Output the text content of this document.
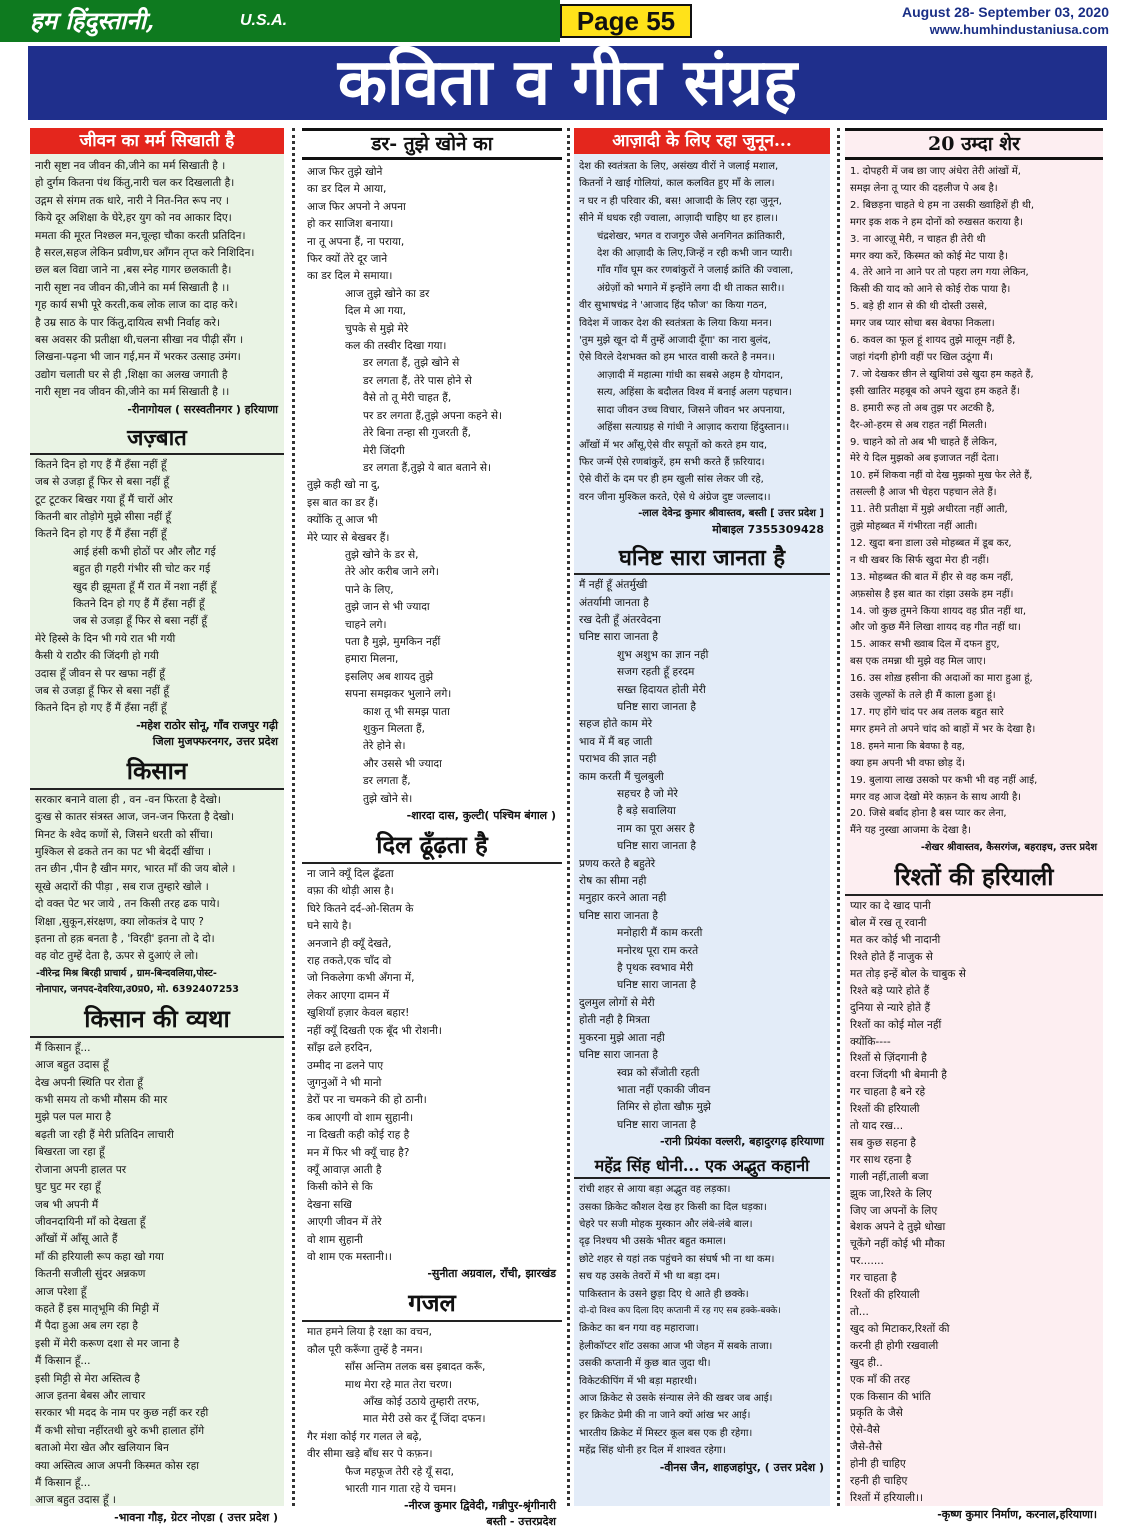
हम हिंदुस्तानी,	U.S.A.	Page 55	August 28- September 03, 2020
www.humhindustaniusa.com
कविता व गीत संग्रह
जीवन का मर्म सिखाती है
नारी सृष्टा नव जीवन की,जीने का मर्म सिखाती है ।
हो दुर्गम कितना पंथ किंतु,नारी चल कर दिखलाती है।
उद्गम से संगम तक धारे, नारी ने नित-नित रूप नए ।
किये दूर अशिक्षा के घेरे,हर युग को नव आकार दिए।
ममता की मूरत निश्छल मन,चूल्हा चौका करती प्रतिदिन।
है सरल,सहज लेकिन प्रवीण,घर आँगन तृप्त करे निशिदिन।
छल बल विद्या जाने ना ,बस स्नेह गागर छलकाती है।
नारी सृष्टा नव जीवन की,जीने का मर्म सिखाती है ।।
गृह कार्य सभी पूरे करती,कब लोक लाज का दाह करे।
है उम्र साठ के पार किंतु,दायित्व सभी निर्वाह करे।
बस अवसर की प्रतीक्षा थी,चलना सीखा नव पीढ़ी सँग ।
लिखना-पढ़ना भी जान गई,मन में भरकर उत्साह उमंग।
उद्योग चलाती घर से ही ,शिक्षा का अलख जगाती है
नारी सृष्टा नव जीवन की,जीने का मर्म सिखाती है ।।
-रीनागोयल ( सरस्वतीनगर ) हरियाणा
जज़्बात
कितने दिन हो गए हैं मैं हँसा नहीं हूँ
जब से उजड़ा हूँ फिर से बसा नहीं हूँ
टूट टूटकर बिखर गया हूँ मैं चारों ओर
कितनी बार तोड़ोगे मुझे सीसा नहीं हूँ
कितने दिन हो गए हैं मैं हँसा नहीं हूँ
आई हंसी कभी होठों पर और लौट गई
बहुत ही गहरी गंभीर सी चोट कर गई
खुद ही झूमता हूँ मैं रात में नशा नहीं हूँ
कितने दिन हो गए हैं मैं हँसा नहीं हूँ
जब से उजड़ा हूँ फिर से बसा नहीं हूँ
मेरे हिस्से के दिन भी गये रात भी गयी
कैसी ये राठौर की जिंदगी हो गयी
उदास हूँ जीवन से पर खफा नहीं हूँ
जब से उजड़ा हूँ फिर से बसा नहीं हूँ
कितने दिन हो गए हैं मैं हँसा नहीं हूँ
-महेश राठोर सोनू, गाँव राजपुर गढ़ी
जिला मुजफ्फरनगर, उत्तर प्रदेश
किसान
सरकार बनाने वाला ही , वन -वन फिरता है देखो।
दुःख से कातर संत्रस्त आज, जन-जन फिरता है देखो।
मिनट के श्वेद कणों से, जिसने धरती को सींचा।
मुश्किल से ढकते तन का पट भी बेदर्दी खींचा ।
तन छीन ,पीन है खीन मगर, भारत माँ की जय बोले ।
सूखे अदारों की पीड़ा , सब राज तुम्हारे खोले ।
दो वक्त पेट भर जाये , तन किसी तरह ढक पाये।
शिक्षा ,सुकून,संरक्षण, क्या लोकतंत्र दे पाए ?
इतना तो हक़ बनता है , 'विरही' इतना तो दे दो।
वह वोट तुम्हें देता है, ऊपर से दुआएं ले लो।
-वीरेन्द्र मिश्र बिरही प्राचार्य , ग्राम-बिन्दवलिया,पोस्ट-
नोनापार, जनपद-देवरिया,उ0प्र0, मो. 6392407253
किसान की व्यथा
मैं किसान हूँ...
आज बहुत उदास हूँ
देख अपनी स्थिति पर रोता हूँ
कभी समय तो कभी मौसम की मार
मुझे पल पल मारा है
बढ़ती जा रही हैं मेरी प्रतिदिन लाचारी
बिखरता जा रहा हूँ
रोजाना अपनी हालत पर
घुट घुट मर रहा हूँ
जब भी अपनी मैं
जीवनदायिनी माँ को देखता हूँ
आँखों में आँसू आते हैं
माँ की हरियाली रूप कहा खो गया
कितनी सजीली सुंदर अन्नकण
आज परेशा हूँ
कहते हैं इस मातृभूमि की मिट्टी में
मैं पैदा हुआ अब लग रहा है
इसी में मेरी करूण दशा से मर जाना है
मैं किसान हूँ...
इसी मिट्टी से मेरा अस्तित्व है
आज इतना बेबस और लाचार
सरकार भी मदद के नाम पर कुछ नहीं कर रही
मैं कभी सोचा नहींरतथी बुरे कभी हालात होंगे
बताओ मेरा खेत और खलियान बिन
क्या अस्तित्व आज अपनी किस्मत कोस रहा
मैं किसान हूँ...
आज बहुत उदास हूँ ।
-भावना गौड़, ग्रेटर नोएडा ( उत्तर प्रदेश )
डर- तुझे खोने का
आज फिर तुझे खोने
का डर दिल मे आया,
आज फिर अपनो ने अपना
हो कर साजिश बनाया।
ना तू अपना हैं, ना पराया,
फिर क्यों तेरे दूर जाने
का डर दिल मे समाया।
आज तुझे खोने का डर
दिल मे आ गया,
चुपके से मुझे मेरे
कल की तस्वीर दिखा गया।
डर लगता हैं, तुझे खोने से
डर लगता हैं, तेरे पास होने से
वैसे तो तू मेरी चाहत हैं,
पर डर लगता हैं,तुझे अपना कहने से।
तेरे बिना तन्हा सी गुजरती हैं,
मेरी जिंदगी
डर लगता हैं,तुझे ये बात बताने से।
तुझे कही खो ना दु,
इस बात का डर हैं।
क्योंकि तू आज भी
मेरे प्यार से बेखबर हैं।
तुझे खोने के डर से,
तेरे ओर करीब जाने लगे।
पाने के लिए,
तुझे जान से भी ज्यादा
चाहने लगे।
पता है मुझे, मुमकिन नहीं
हमारा मिलना,
इसलिए अब शायद तुझे
सपना समझकर भुलाने लगे।
काश तू भी समझ पाता
शुकुन मिलता हैं,
तेरे होने से।
और उससे भी ज्यादा
डर लगता हैं,
तुझे खोने से।
-शारदा दास, कुल्टी( पश्चिम बंगाल )
दिल ढूँढ़ता है
ना जाने क्यूँ दिल ढूँढता
वफ़ा की थोड़ी आस है।
घिरे कितने दर्द-ओ-सितम के
घने साये है।
अनजाने ही क्यूँ देखते,
राह तकते,एक चाँद वो
जो निकलेगा कभी अँगना में,
लेकर आएगा दामन में
खुशियाँ हज़ार केवल बहार!
नहीं क्यूँ दिखती एक बूँद भी रोशनी।
साँझ ढले हरदिन,
उम्मीद ना ढलने पाए
जुगनुओं ने भी मानो
डेरों पर ना चमकने की हो ठानी।
कब आएगी वो शाम सुहानी।
ना दिखती कही कोई राह है
मन में फिर भी क्यूँ चाह है?
क्यूँ आवाज़ आती है
किसी कोने से कि
देखना सखि
आएगी जीवन में तेरे
वो शाम सुहानी
वो शाम एक मस्तानी।।
-सुनीता अग्रवाल, राँची, झारखंड
गजल
मात हमने लिया है रक्षा का वचन,
कौल पूरी करूँगा तुम्हें है नमन।
साँस अन्तिम तलक बस इबादत करूँ,
माथ मेरा रहे मात तेरा चरण।
आँख कोई उठाये तुम्हारी तरफ,
मात मेरी उसे कर दूँ जिंदा दफन।
गैर मंशा कोई गर गलत ले बढ़े,
वीर सीमा खड़े बाँध सर पे कफ़न।
फैज महफूज तेरी रहे यूँ सदा,
भारती गान गाता रहे ये चमन।
-नीरज कुमार द्विवेदी, गन्नीपुर-श्रृंगीनारी
बस्ती - उत्तरप्रदेश
आज़ादी के लिए रहा जुनून...
देश की स्वतंत्रता के लिए, असंख्य वीरों ने जलाई मशाल,
कितनों ने खाई गोलियां, काल कलवित हुए माँ के लाल।
न घर न ही परिवार की, बस! आजादी के लिए रहा जुनून,
सीने में धधक रही ज्वाला, आज़ादी चाहिए था हर हाल।।
चंद्रशेखर, भगत व राजगुरु जैसे अनगिनत क्रांतिकारी,
देश की आज़ादी के लिए,जिन्हें न रही कभी जान प्यारी।
गाँव गाँव घूम कर रणबांकुरों ने जलाई क्रांति की ज्वाला,
अंग्रेज़ों को भगाने में इन्होंने लगा दी थी ताकत सारी।।
वीर सुभाषचंद्र ने 'आजाद हिंद फौज' का किया गठन,
विदेश में जाकर देश की स्वतंत्रता के लिया किया मनन।
'तुम मुझे खून दो मैं तुम्हें आजादी दूँगा' का नारा बुलंद,
ऐसे विरले देशभक्त को हम भारत वासी करते है नमन।।
आज़ादी में महात्मा गांधी का सबसे अहम है योगदान,
सत्य, अहिंसा के बदौलत विश्व में बनाई अलग पहचान।
सादा जीवन उच्च विचार, जिसने जीवन भर अपनाया,
अहिंसा सत्याग्रह से गांधी ने आज़ाद कराया हिंदुस्तान।।
आँखों में भर आँसू,ऐसे वीर सपूतों को करते हम याद,
फिर जन्में ऐसे रणबांकुरें, हम सभी करते हैं फ़रियाद।
ऐसे वीरों के दम पर ही हम खुली सांस लेकर जी रहे,
वरन जीना मुश्किल करते, ऐसे थे अंग्रेज दुष्ट जल्लाद।।
-लाल देवेन्द्र कुमार श्रीवास्तव, बस्ती [ उत्तर प्रदेश ]
मोबाइल 7355309428
घनिष्ट सारा जानता है
मैं नहीं हूँ अंतर्मुखी
अंतर्यामी जानता है
रख देती हूँ अंतरवेदना
घनिष्ट सारा जानता है
शुभ अशुभ का ज्ञान नही
सजग रहती हूँ हरदम
सख्त हिदायत होती मेरी
घनिष्ट सारा जानता है
सहज होते काम मेरे
भाव में मैं बह जाती
पराभव की ज्ञात नही
काम करती मैं चुलबुली
सहचर है जो मेरे
है बड़े सवालिया
नाम का पूरा असर है
घनिष्ट सारा जानता है
प्रणय करते है बहुतेरे
रोष का सीमा नही
मनुहार करने आता नही
घनिष्ट सारा जानता है
मनोहारी मैं काम करती
मनोरथ पूरा राम करते
है पृथक स्वभाव मेरी
घनिष्ट सारा जानता है
दुलमुल लोगों से मेरी
होती नही है मित्रता
मुकरना मुझे आता नही
घनिष्ट सारा जानता है
स्वप्न को सँजोती रहती
भाता नहीं एकाकी जीवन
तिमिर से होता खौफ़ मुझे
घनिष्ट सारा जानता है
-रानी प्रियंका वल्लरी, बहादुरगढ़ हरियाणा
महेंद्र सिंह धोनी... एक अद्भुत कहानी
रांची शहर से आया बड़ा अद्भुत वह लड़का।
उसका क्रिकेट कौशल देख हर किसी का दिल धड़का।
चेहरे पर सजी मोहक मुस्कान और लंबे-लंबे बाल।
दृढ़ निश्चय भी उसके भीतर बहुत कमाल।
छोटे शहर से यहां तक पहुंचने का संघर्ष भी ना था कम।
सच यह उसके तेवरों में भी था बड़ा दम।
पाकिस्तान के उसने छुड़ा दिए थे आते ही छक्के।
दो-दो विश्व कप दिला दिए कप्तानी में रह गए सब हक्के-बक्के।
क्रिकेट का बन गया वह महाराजा।
हेलीकॉप्टर शॉट उसका आज भी जेहन में सबके ताजा।
उसकी कप्तानी में कुछ बात जुदा थी।
विकेटकीपिंग में भी बड़ा महारथी।
आज क्रिकेट से उसके संन्यास लेने की खबर जब आई।
हर क्रिकेट प्रेमी की ना जाने क्यों आंख भर आई।
भारतीय क्रिकेट में मिस्टर कूल बस एक ही रहेगा।
महेंद्र सिंह धोनी हर दिल में शाश्वत रहेगा।
-वीनस जैन, शाहजहांपुर, ( उत्तर प्रदेश )
20 उम्दा शेर
1. दोपहरी में जब छा जाए अंधेरा तेरी आंखों में,
समझ लेना तू प्यार की दहलीज पे अब है।
2. बिछड़ना चाहते थे हम ना उसकी ख्वाहिशें ही थी,
मगर इक शक ने हम दोनों को रुखसत कराया है।
3. ना आरज़ू मेरी, न चाहत ही तेरी थी
मगर क्या करें, किस्मत को कोई मेट पाया है।
4. तेरे आने ना आने पर तो पहरा लग गया लेकिन,
किसी की याद को आने से कोई रोक पाया है।
5. बड़े ही शान से की थी दोस्ती उससे,
मगर जब प्यार सोचा बस बेवफा निकला।
6. कवल का फूल हूं शायद तुझे मालूम नहीं है,
जहां गंदगी होगी वहीं पर खिल उठूंगा मैं।
7. जो देखकर छीन ले खुशियां उसे खुदा हम कहते हैं,
इसी खातिर महबूब को अपने खुदा हम कहते हैं।
8. हमारी रूह तो अब तुझ पर अटकी है,
दैर-ओ-हरम से अब राहत नहीं मिलती।
9. चाहने को तो अब भी चाहते हैं लेकिन,
मेरे ये दिल मुझको अब इजाजत नहीं देता।
10. हमें शिकवा नहीं वो देख मुझको मुख फेर लेते हैं,
तसल्ली है आज भी चेहरा पहचान लेते हैं।
11. तेरी प्रतीक्षा में मुझे अधीरता नहीं आती,
तुझे मोहब्बत में गंभीरता नहीं आती।
12. खुदा बना डाला उसे मोहब्बत में डूब कर,
न थी खबर कि सिर्फ खुदा मेरा ही नहीं।
13. मोहब्बत की बात में हीर से वह कम नहीं,
अफ़सोस है इस बात का रांझा उसके हम नहीं।
14. जो कुछ तुमने किया शायद वह प्रीत नहीं था,
और जो कुछ मैंने लिखा शायद वह गीत नहीं था।
15. आकर सभी ख्वाब दिल में दफन हुए,
बस एक तमन्ना थी मुझे वह मिल जाए।
16. उस शोख़ हसीना की अदाओं का मारा हुआ हूं,
उसके ज़ुल्फों के तले ही मैं काला हुआ हूं।
17. गए होंगे चांद पर अब तलक बहुत सारे
मगर हमने तो अपने चांद को बाहों में भर के देखा है।
18. हमने माना कि बेवफा है वह,
क्या हम अपनी भी वफा छोड़ दें।
19. बुलाया लाख उसको पर कभी भी वह नहीं आई,
मगर वह आज देखो मेरे कफ़न के साथ आयी है।
20. जिसे बर्बाद होना है बस प्यार कर लेना,
मैंने यह नुस्खा आजमा के देखा है।
-शेखर श्रीवास्तव, कैसरगंज, बहराइच, उत्तर प्रदेश
रिश्तों की हरियाली
प्यार का दे खाद पानी
बोल में रख तू रवानी
मत कर कोई भी नादानी
रिश्ते होते हैं नाजुक से
मत तोड़ इन्हें बोल के चाबुक से
रिश्ते बड़े प्यारे होते हैं
दुनिया से न्यारे होते हैं
रिश्तों का कोई मोल नहीं
क्योंकि----
रिश्तों से ज़िंदगानी है
वरना जिंदगी भी बेमानी है
गर चाहता है बने रहे
रिश्तों की हरियाली
तो याद रख...
सब कुछ सहना है
गर साथ रहना है
गाली नहीं,ताली बजा
झुक जा,रिश्ते के लिए
जिए जा अपनों के लिए
बेशक अपने दे तुझे धोखा
चूकेंगे नहीं कोई भी मौका
पर.......
गर चाहता है
रिश्तों की हरियाली
तो...
खुद को मिटाकर,रिश्तों की
करनी ही होगी रखवाली
खुद ही..
एक माँ की तरह
एक किसान की भांति
प्रकृति के जैसे
ऐसे-वैसे
जैसे-तैसे
होनी ही चाहिए
रहनी ही चाहिए
रिश्तों में हरियाली।।
-कृष्ण कुमार निर्माण, करनाल,हरियाणा।
